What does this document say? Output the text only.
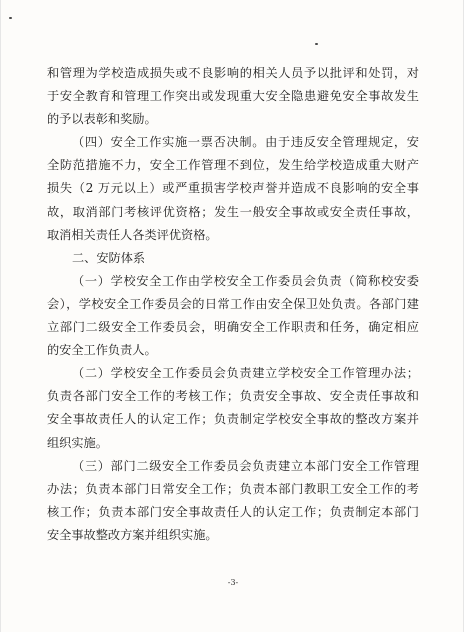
和管理为学校造成损失或不良影响的相关人员予以批评和处罚，对
于安全教育和管理工作突出或发现重大安全隐患避免安全事故发生
的予以表彰和奖励。
（四）安全工作实施一票否决制。由于违反安全管理规定，安
全防范措施不力，安全工作管理不到位，发生给学校造成重大财产
损失（2 万元以上）或严重损害学校声誉并造成不良影响的安全事
故，取消部门考核评优资格；发生一般安全事故或安全责任事故，
取消相关责任人各类评优资格。
二、安防体系
（一）学校安全工作由学校安全工作委员会负责（简称校安委
会），学校安全工作委员会的日常工作由安全保卫处负责。各部门建
立部门二级安全工作委员会，明确安全工作职责和任务，确定相应
的安全工作负责人。
（二）学校安全工作委员会负责建立学校安全工作管理办法；
负责各部门安全工作的考核工作；负责安全事故、安全责任事故和
安全事故责任人的认定工作；负责制定学校安全事故的整改方案并
组织实施。
（三）部门二级安全工作委员会负责建立本部门安全工作管理
办法；负责本部门日常安全工作；负责本部门教职工安全工作的考
核工作；负责本部门安全事故责任人的认定工作；负责制定本部门
安全事故整改方案并组织实施。
-3-
